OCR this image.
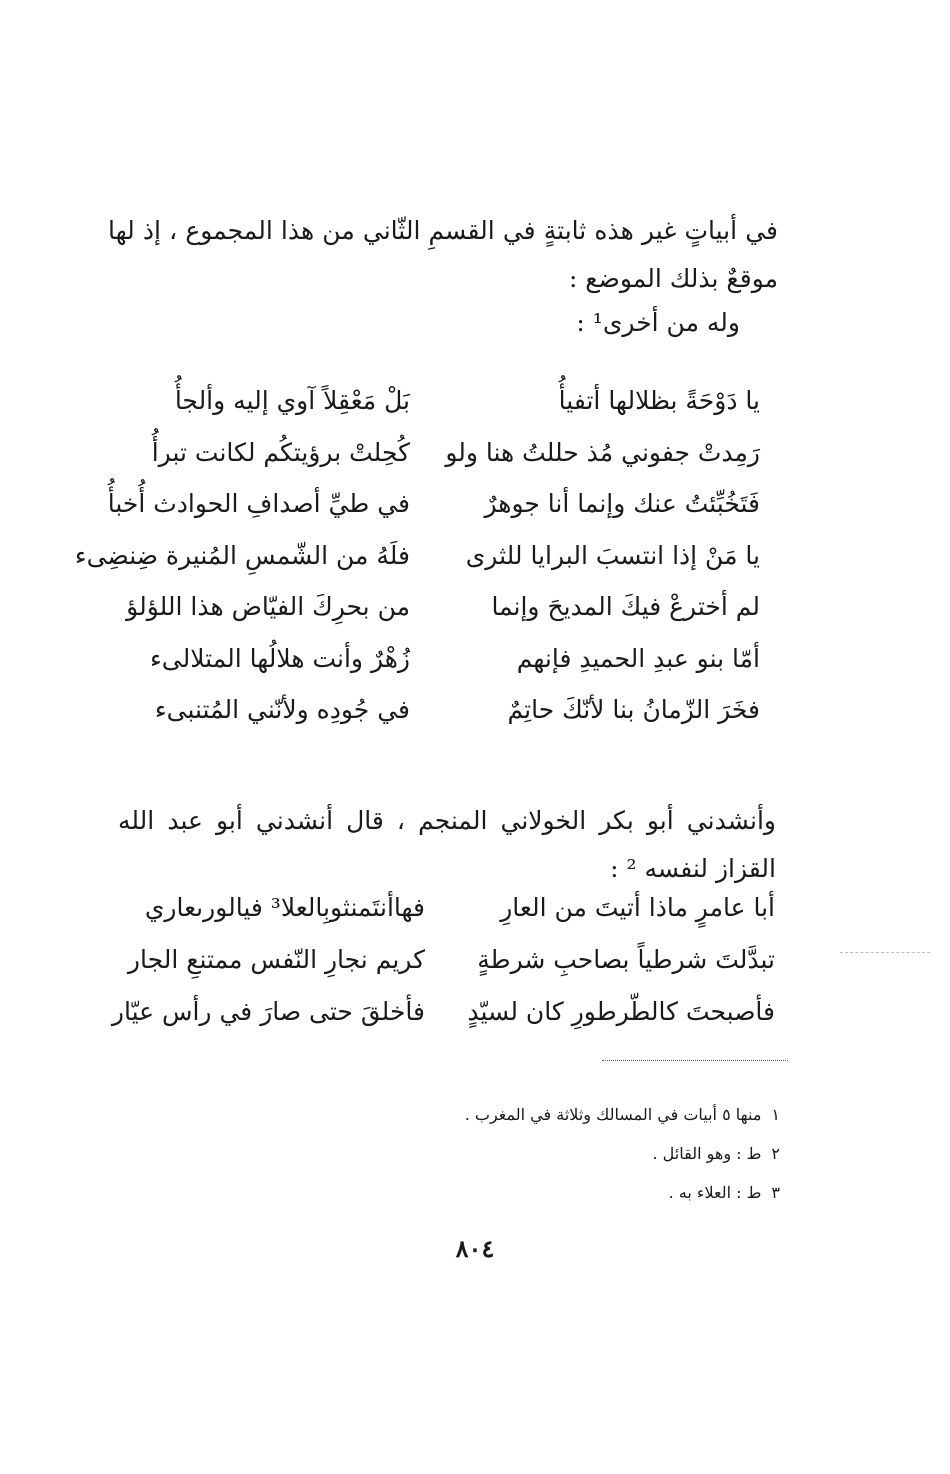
في أبياتٍ غير هذه ثابتةٍ في القسمِ الثّاني من هذا المجموع ، إذ لها موقعٌ بذلك الموضع :

وله من أخرى¹ :
يا دَوْحَةً بظلالها أتفيأُ
بَلْ مَعْقِلاً آوي إليه وألجأُ
رَمِدتْ جفوني مُذ حللتُ هنا ولو
كُحِلتْ برؤيتكُم لكانت تبرأُ
فَتَخُبِّئتُ عنك وإنما أنا جوهرٌ
في طيِّ أصدافِ الحوادث أُخبأُ
يا مَنْ إذا انتسبَ البرايا للثرى
فلَهُ من الشّمسِ المُنيرة ضِنضِىء
لم أخترعْ فيكَ المديحَ وإنما
من بحرِكَ الفيّاض هذا اللؤلؤ
أمّا بنو عبدِ الحميدِ فإنهم
زُهْرٌ وأنت هلالُها المتلالىء
فخَرَ الزّمانُ بنا لأنّكَ حاتِمٌ
في جُودِه ولأنّني المُتنبىء

وأنشدني أبو بكر الخولاني المنجم ، قال أنشدني أبو عبد الله القزاز لنفسه ² :

أبا عامرٍ ماذا أتيتَ من العارِ
فهاأنتَمنثوبِالعلا³ فيالورىعاري
تبدَّلتَ شرطياً بصاحبِ شرطةٍ
كريم نجارِ النّفس ممتنعِ الجار
فأصبحتَ كالطّرطورِ كان لسيّدٍ
فأخلقَ حتى صارَ في رأس عيّار
١منها ٥ أبيات في المسالك وثلاثة في المغرب .
٢ط : وهو القائل .
٣ط : العلاء به .
٨٠٤
